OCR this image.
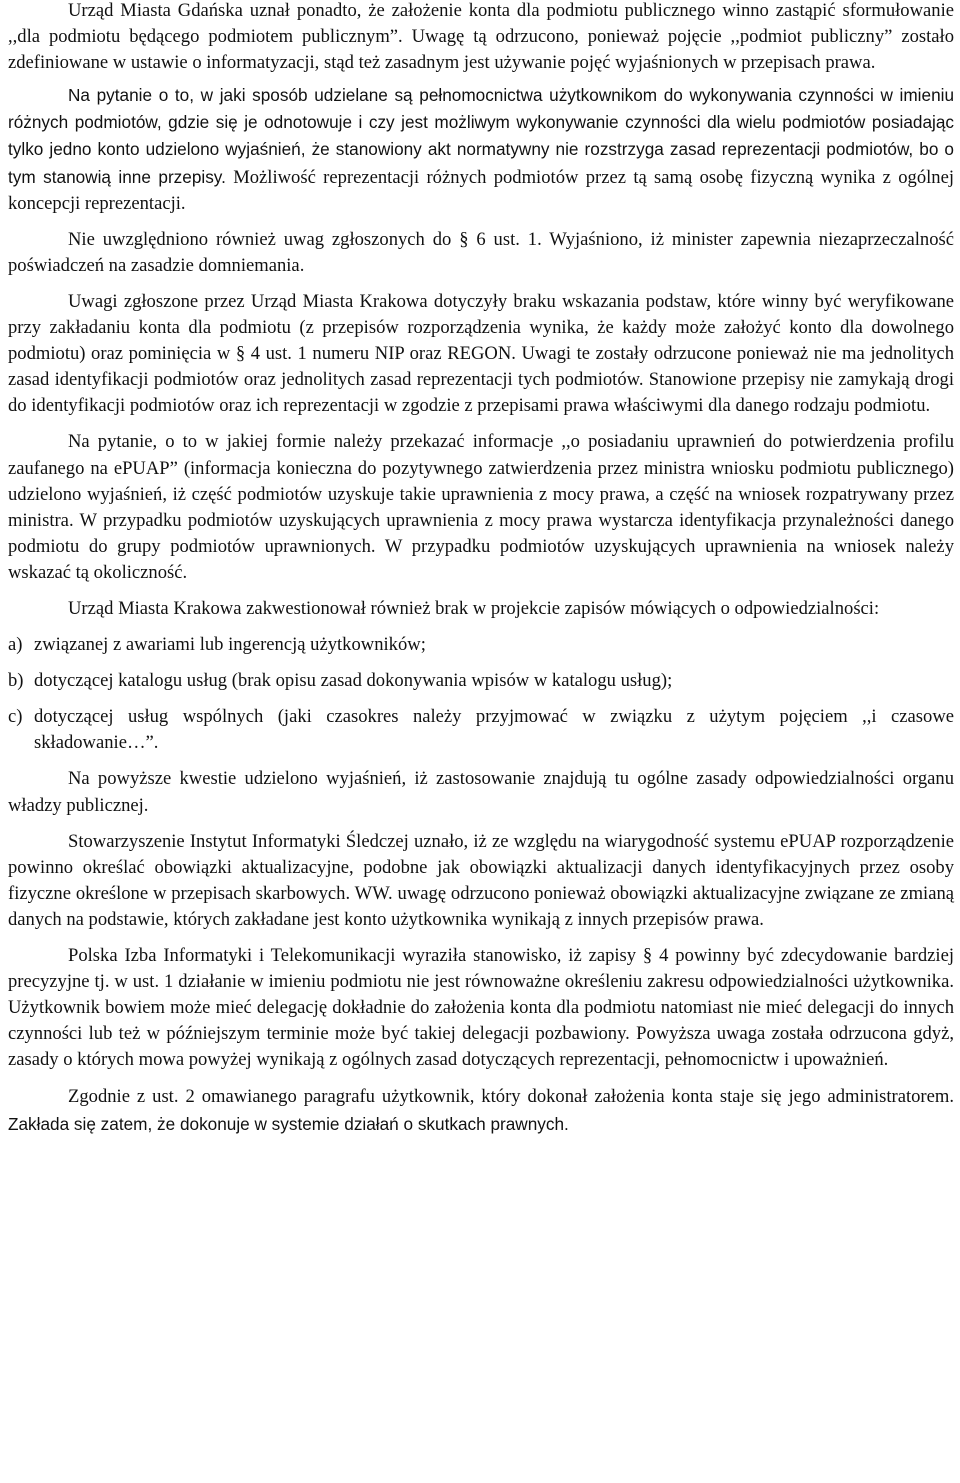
Urząd Miasta Gdańska uznał ponadto, że założenie konta dla podmiotu publicznego winno zastąpić sformułowanie ,,dla podmiotu będącego podmiotem publicznym”. Uwagę tą odrzucono, ponieważ pojęcie ,,podmiot publiczny” zostało zdefiniowane w ustawie o informatyzacji, stąd też zasadnym jest używanie pojęć wyjaśnionych w przepisach prawa.

Na pytanie o to, w jaki sposób udzielane są pełnomocnictwa użytkownikom do wykonywania czynności w imieniu różnych podmiotów, gdzie się je odnotowuje i czy jest możliwym wykonywanie czynności dla wielu podmiotów posiadając tylko jedno konto udzielono wyjaśnień, że stanowiony akt normatywny nie rozstrzyga zasad reprezentacji podmiotów, bo o tym stanowią inne przepisy. Możliwość reprezentacji różnych podmiotów przez tą samą osobę fizyczną wynika z ogólnej koncepcji reprezentacji.

Nie uwzględniono również uwag zgłoszonych do § 6 ust. 1. Wyjaśniono, iż minister zapewnia niezaprzeczalność poświadczeń na zasadzie domniemania.

Uwagi zgłoszone przez Urząd Miasta Krakowa dotyczyły braku wskazania podstaw, które winny być weryfikowane przy zakładaniu konta dla podmiotu (z przepisów rozporządzenia wynika, że każdy może założyć konto dla dowolnego podmiotu) oraz pominięcia w § 4 ust. 1 numeru NIP oraz REGON. Uwagi te zostały odrzucone ponieważ nie ma jednolitych zasad identyfikacji podmiotów oraz jednolitych zasad reprezentacji tych podmiotów. Stanowione przepisy nie zamykają drogi do identyfikacji podmiotów oraz ich reprezentacji w zgodzie z przepisami prawa właściwymi dla danego rodzaju podmiotu.

Na pytanie, o to w jakiej formie należy przekazać informacje ,,o posiadaniu uprawnień do potwierdzenia profilu zaufanego na ePUAP” (informacja konieczna do pozytywnego zatwierdzenia przez ministra wniosku podmiotu publicznego) udzielono wyjaśnień, iż część podmiotów uzyskuje takie uprawnienia z mocy prawa, a część na wniosek rozpatrywany przez ministra. W przypadku podmiotów uzyskujących uprawnienia z mocy prawa wystarcza identyfikacja przynależności danego podmiotu do grupy podmiotów uprawnionych. W przypadku podmiotów uzyskujących uprawnienia na wniosek należy wskazać tą okoliczność.

Urząd Miasta Krakowa zakwestionował również brak w projekcie zapisów mówiących o odpowiedzialności:

a) związanej z awariami lub ingerencją użytkowników;
b) dotyczącej katalogu usług (brak opisu zasad dokonywania wpisów w katalogu usług);
c) dotyczącej usług wspólnych (jaki czasokres należy przyjmować w związku z użytym pojęciem ,,i czasowe składowanie…”.

Na powyższe kwestie udzielono wyjaśnień, iż zastosowanie znajdują tu ogólne zasady odpowiedzialności organu władzy publicznej.

Stowarzyszenie Instytut Informatyki Śledczej uznało, iż ze względu na wiarygodność systemu ePUAP rozporządzenie powinno określać obowiązki aktualizacyjne, podobne jak obowiązki aktualizacji danych identyfikacyjnych przez osoby fizyczne określone w przepisach skarbowych. WW. uwagę odrzucono ponieważ obowiązki aktualizacyjne związane ze zmianą danych na podstawie, których zakładane jest konto użytkownika wynikają z innych przepisów prawa.

Polska Izba Informatyki i Telekomunikacji wyraziła stanowisko, iż zapisy § 4 powinny być zdecydowanie bardziej precyzyjne tj. w ust. 1 działanie w imieniu podmiotu nie jest równoważne określeniu zakresu odpowiedzialności użytkownika. Użytkownik bowiem może mieć delegację dokładnie do założenia konta dla podmiotu natomiast nie mieć delegacji do innych czynności lub też w późniejszym terminie może być takiej delegacji pozbawiony. Powyższa uwaga została odrzucona gdyż, zasady o których mowa powyżej wynikają z ogólnych zasad dotyczących reprezentacji, pełnomocnictw i upoważnień.

Zgodnie z ust. 2 omawianego paragrafu użytkownik, który dokonał założenia konta staje się jego administratorem. Zakłada się zatem, że dokonuje w systemie działań o skutkach prawnych.
